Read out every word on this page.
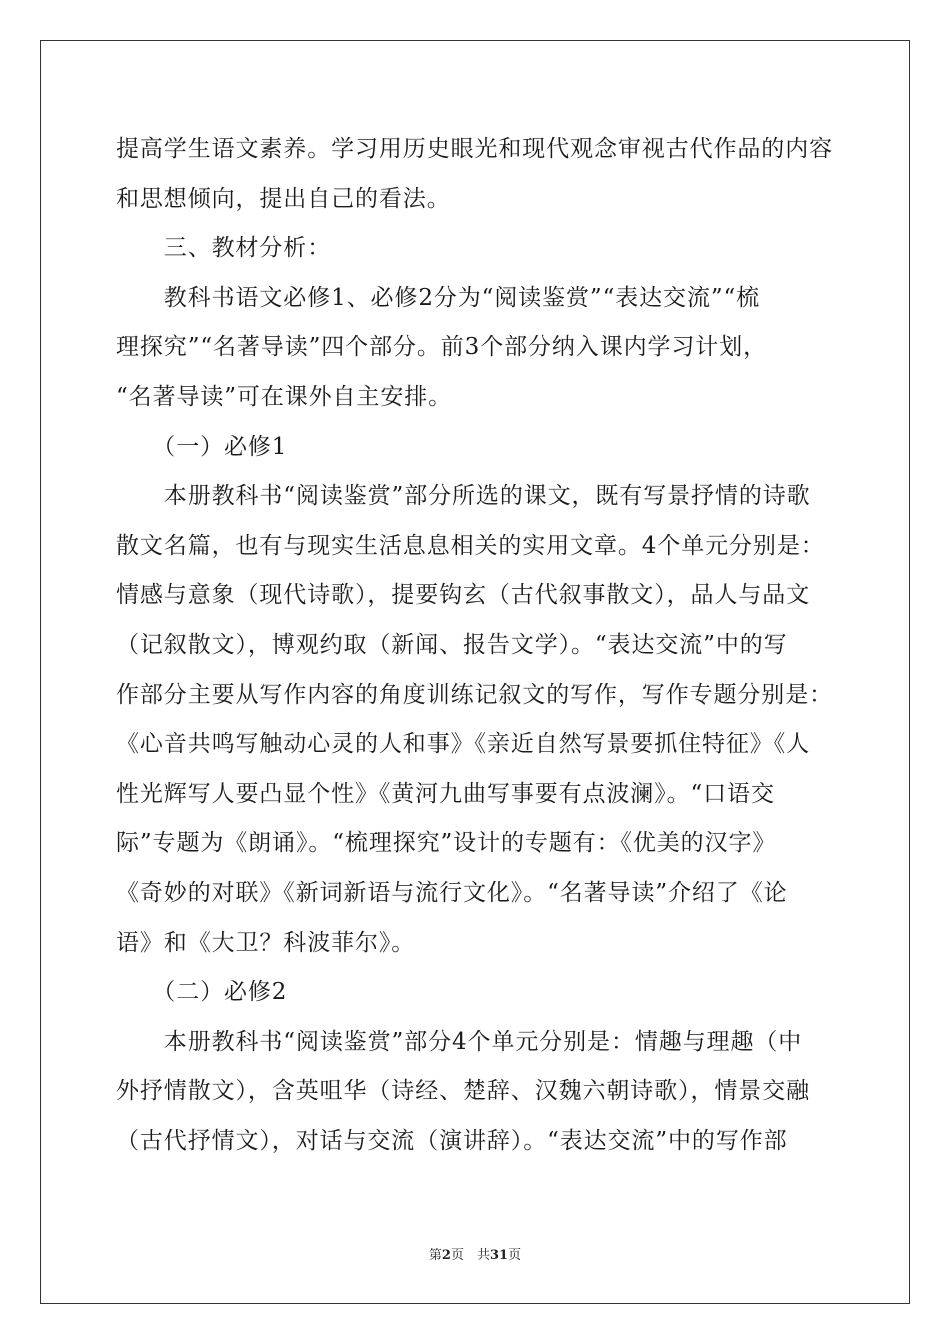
提高学生语文素养。学习用历史眼光和现代观念审视古代作品的内容
和思想倾向，提出自己的看法。
　　三、教材分析：
　　教科书语文必修1、必修2分为“阅读鉴赏”“表达交流”“梳
理探究”“名著导读”四个部分。前3个部分纳入课内学习计划，
“名著导读”可在课外自主安排。
　　（一）必修1
　　本册教科书“阅读鉴赏”部分所选的课文，既有写景抒情的诗歌
散文名篇，也有与现实生活息息相关的实用文章。4个单元分别是：
情感与意象（现代诗歌），提要钩玄（古代叙事散文），品人与品文
（记叙散文），博观约取（新闻、报告文学）。“表达交流”中的写
作部分主要从写作内容的角度训练记叙文的写作，写作专题分别是：
《心音共鸣写触动心灵的人和事》《亲近自然写景要抓住特征》《人
性光辉写人要凸显个性》《黄河九曲写事要有点波澜》。“口语交
际”专题为《朗诵》。“梳理探究”设计的专题有：《优美的汉字》
《奇妙的对联》《新词新语与流行文化》。“名著导读”介绍了《论
语》和《大卫？科波菲尔》。
　　（二）必修2
　　本册教科书“阅读鉴赏”部分4个单元分别是：情趣与理趣（中
外抒情散文），含英咀华（诗经、楚辞、汉魏六朝诗歌），情景交融
（古代抒情文），对话与交流（演讲辞）。“表达交流”中的写作部
第2页　共31页
